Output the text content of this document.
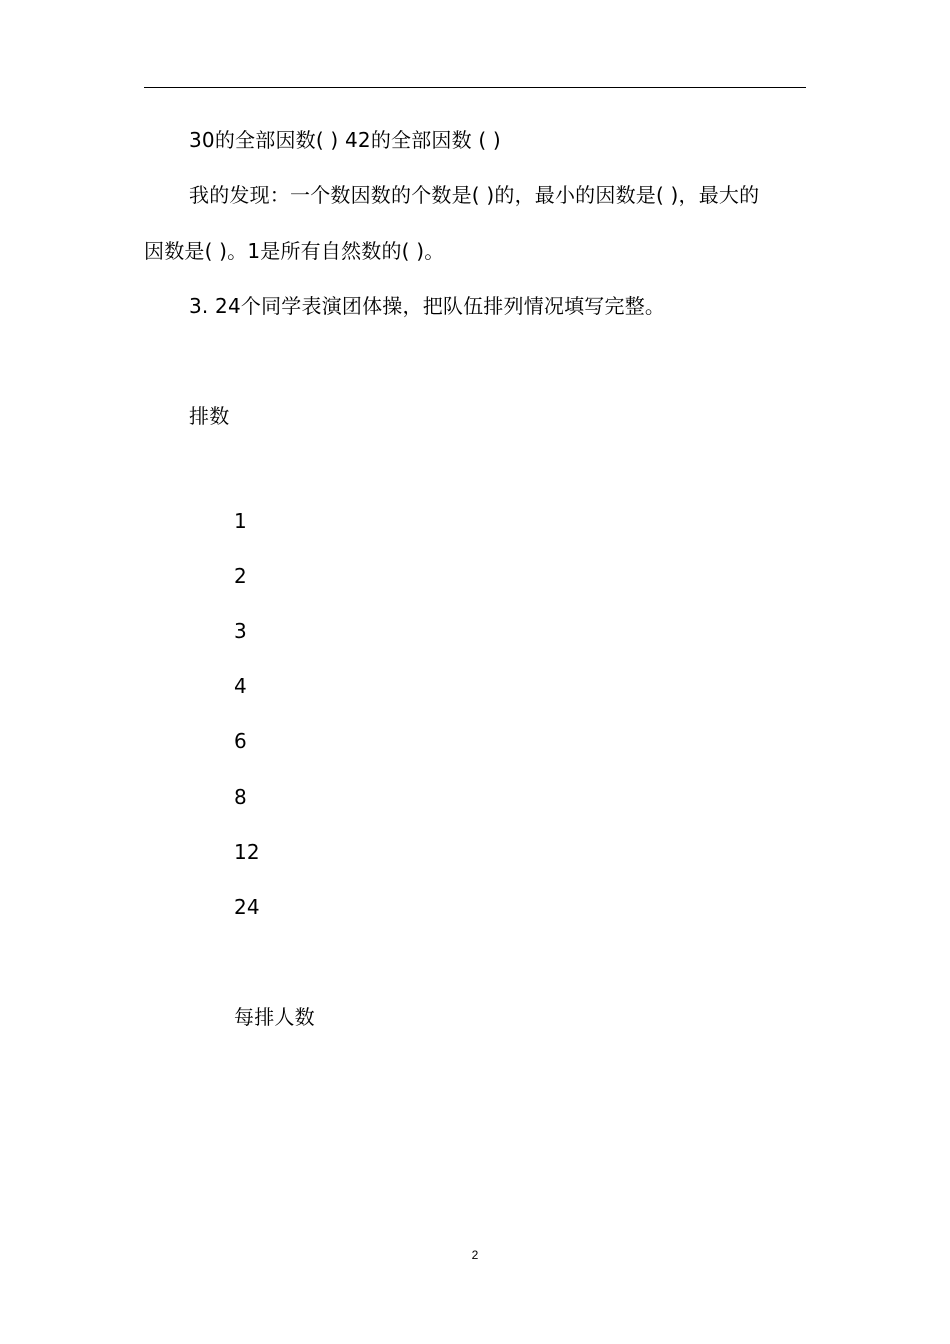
30的全部因数( ) 42的全部因数 ( )
我的发现：一个数因数的个数是( )的，最小的因数是( )，最大的
因数是( )。1是所有自然数的( )。
3. 24个同学表演团体操，把队伍排列情况填写完整。
排数
1
2
3
4
6
8
12
24
每排人数
2
